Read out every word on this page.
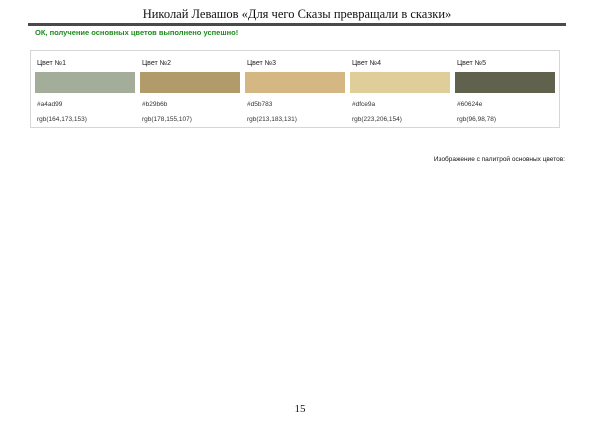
Николай Левашов «Для чего Сказы превращали в сказки»
ОК, получение основных цветов выполнено успешно!
Цвет №1
#a4ad99
rgb(164,173,153)
Цвет №2
#b29b6b
rgb(178,155,107)
Цвет №3
#d5b783
rgb(213,183,131)
Цвет №4
#dfce9a
rgb(223,206,154)
Цвет №5
#60624e
rgb(96,98,78)
Изображение с палитрой основных цветов:
15
